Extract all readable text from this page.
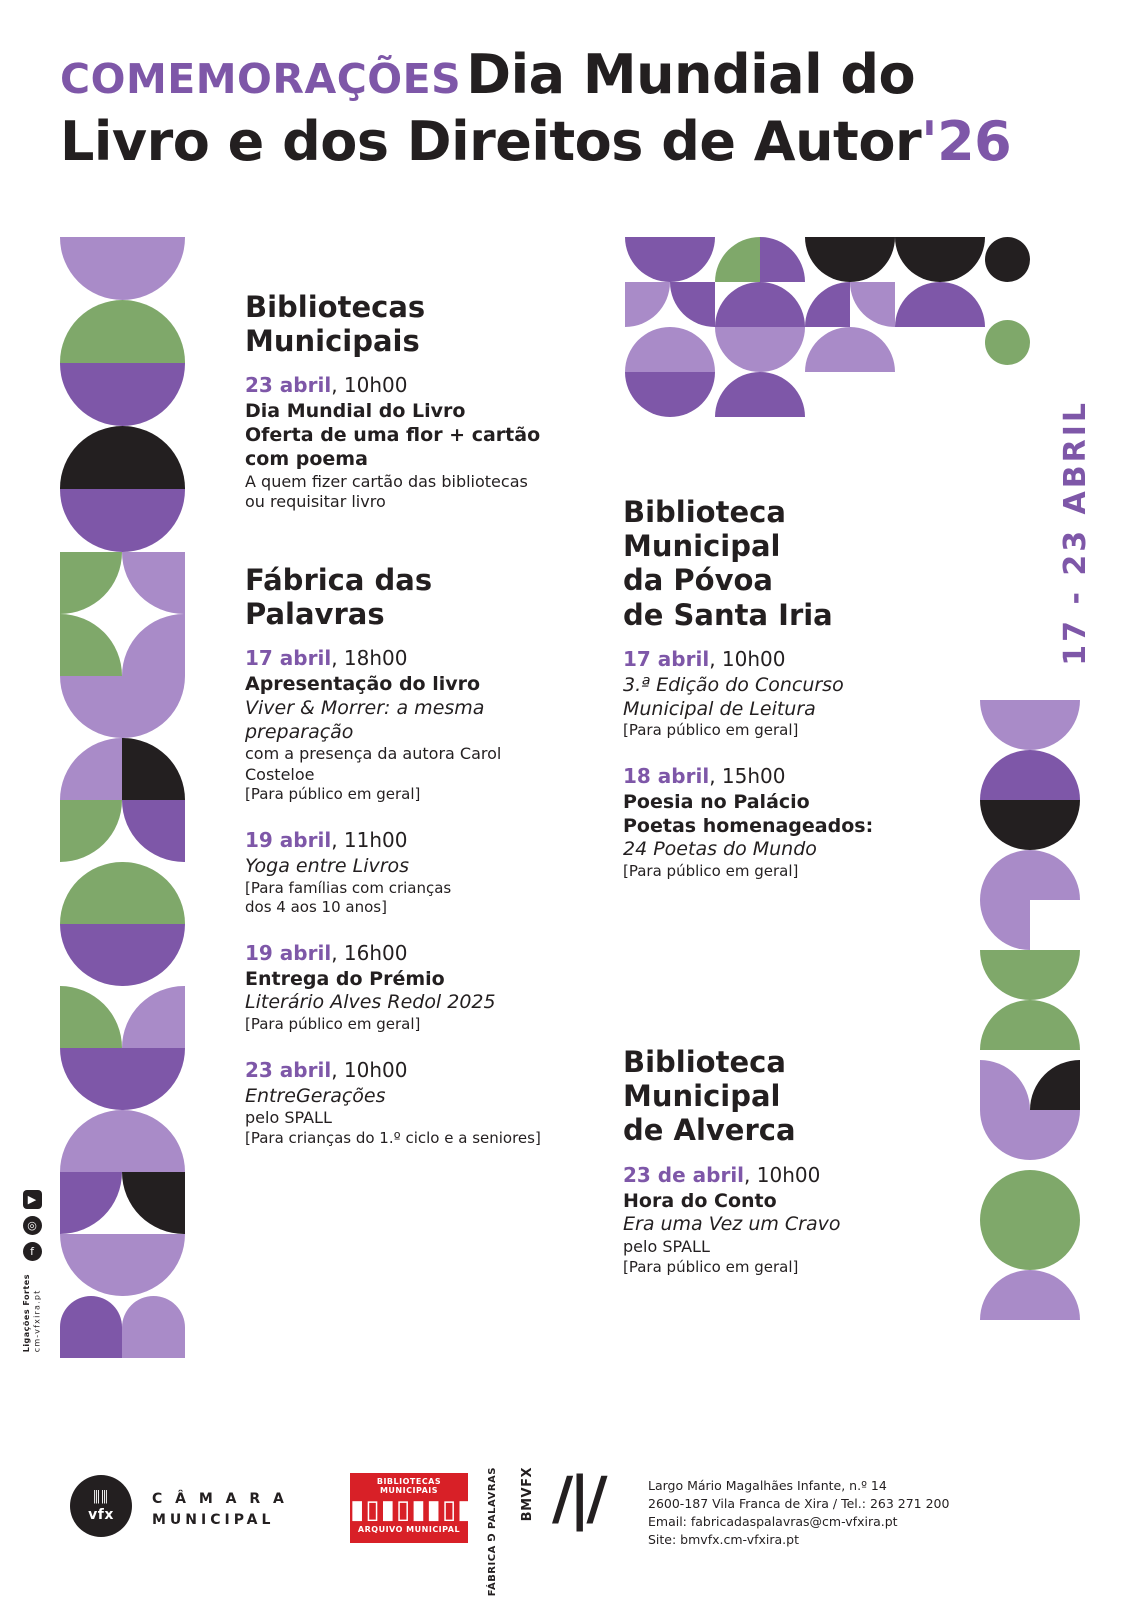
COMEMORAÇÕES Dia Mundial do
Livro e dos Direitos de Autor'26
17 - 23 ABRIL
▶
◎
f
Ligações Fortes
cm-vfxira.pt
Bibliotecas
Municipais
23 abril, 10h00
Dia Mundial do Livro
Oferta de uma flor + cartão
com poema
A quem fizer cartão das bibliotecas
ou requisitar livro
Fábrica das
Palavras
17 abril, 18h00
Apresentação do livro
Viver & Morrer: a mesma
preparação
com a presença da autora Carol
Costeloe
[Para público em geral]
19 abril, 11h00
Yoga entre Livros
[Para famílias com crianças
dos 4 aos 10 anos]
19 abril, 16h00
Entrega do Prémio
Literário Alves Redol 2025
[Para público em geral]
23 abril, 10h00
EntreGerações
pelo SPALL
[Para crianças do 1.º ciclo e a seniores]
Biblioteca
Municipal
da Póvoa
de Santa Iria
17 abril, 10h00
3.ª Edição do Concurso
Municipal de Leitura
[Para público em geral]
18 abril, 15h00
Poesia no Palácio
Poetas homenageados:
24 Poetas do Mundo
[Para público em geral]
Biblioteca
Municipal
de Alverca
23 de abril, 10h00
Hora do Conto
Era uma Vez um Cravo
pelo SPALL
[Para público em geral]
⫼⫼
vfx
C Â M A R A
MUNICIPAL
BIBLIOTECAS MUNICIPAIS
▮▯▮▯▮▮▯▮
ARQUIVO MUNICIPAL	FÁBRICA ⅁ PALAVRAS BMVFX /|/	Largo Mário Magalhães Infante, n.º 14
2600-187 Vila Franca de Xira / Tel.: 263 271 200
Email: fabricadaspalavras@cm-vfxira.pt
Site: bmvfx.cm-vfxira.pt
